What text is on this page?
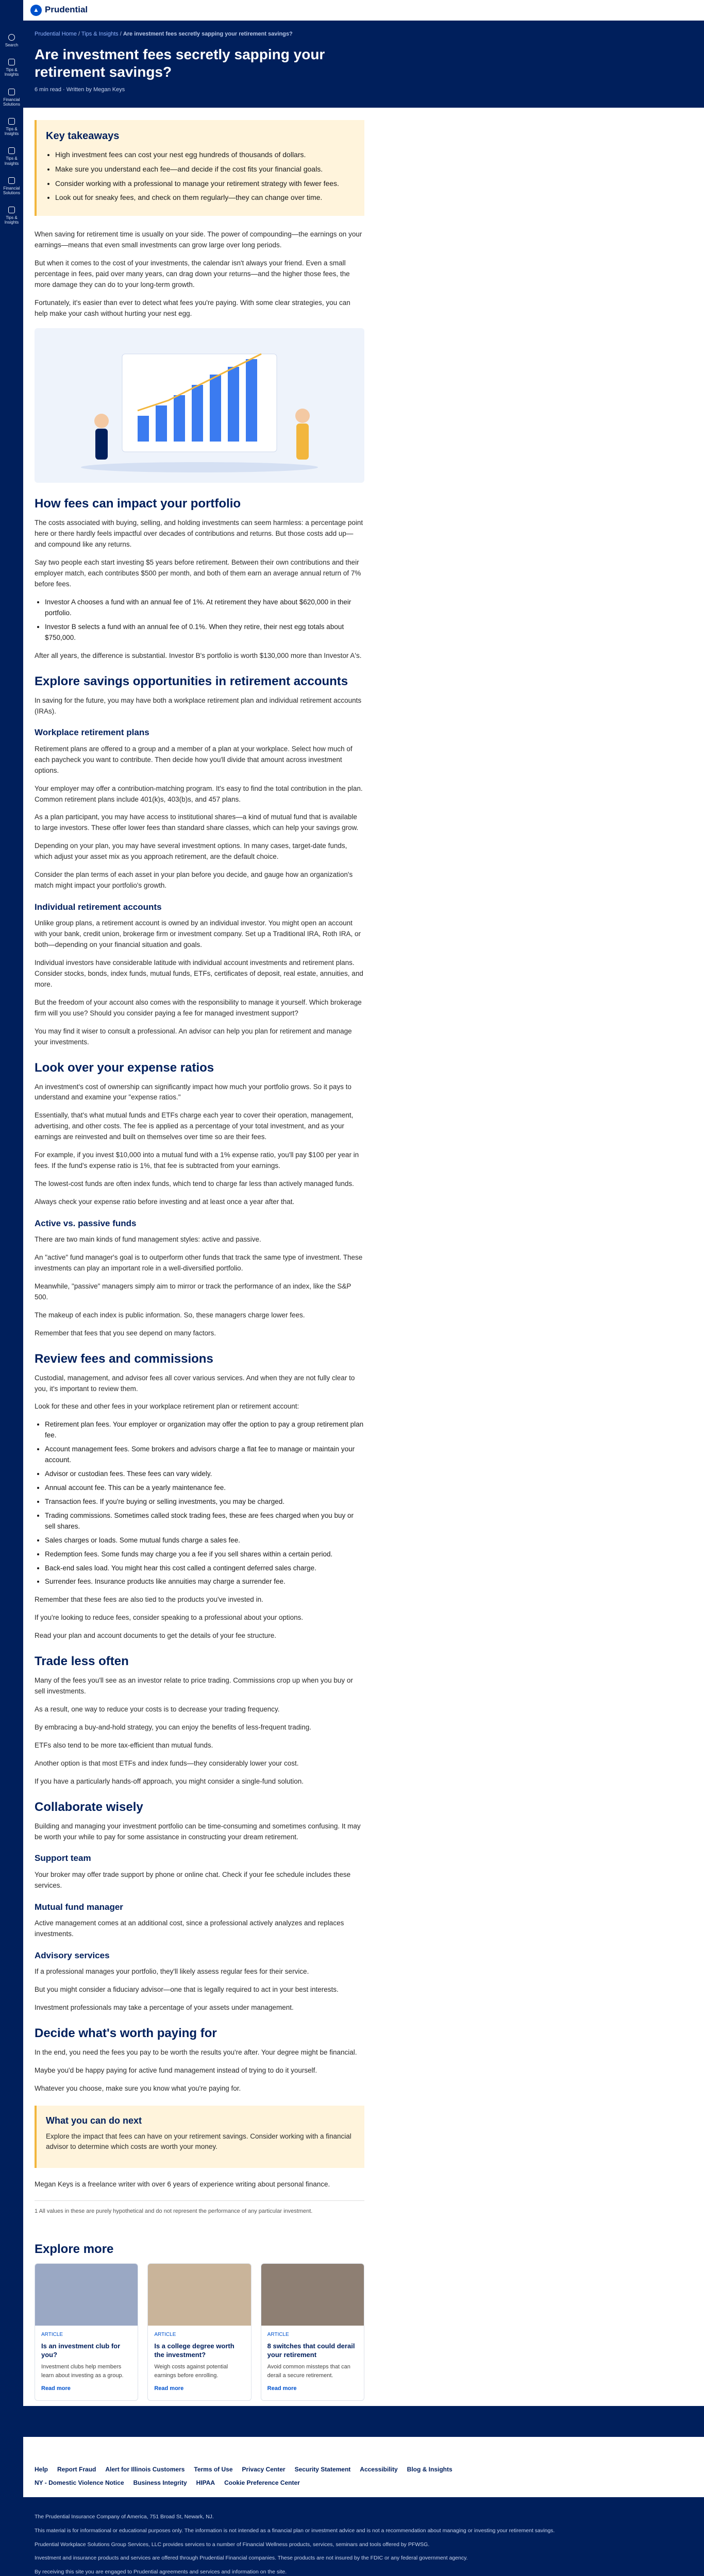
Search
Tips & Insights
Financial Solutions
Tips & Insights
Tips & Insights
Financial Solutions
Tips & Insights
▲ Prudential
Prudential Home / Tips & Insights / Are investment fees secretly sapping your retirement savings?
Are investment fees secretly sapping your retirement savings?
6 min read · Written by Megan Keys
Key takeaways
• High investment fees can cost your nest egg hundreds of thousands of dollars.
• Make sure you understand each fee—and decide if the cost fits your financial goals.
• Consider working with a professional to manage your retirement strategy with fewer fees.
• Look out for sneaky fees, and check on them regularly—they can change over time.

When saving for retirement time is usually on your side. The power of compounding—the earnings on your earnings—means that even small investments can grow large over long periods.

But when it comes to the cost of your investments, the calendar isn't always your friend. Even a small percentage in fees, paid over many years, can drag down your returns—and the higher those fees, the more damage they can do to your long-term growth.

Fortunately, it's easier than ever to detect what fees you're paying. With some clear strategies, you can help make your cash without hurting your nest egg.

How fees can impact your portfolio

The costs associated with buying, selling, and holding investments can seem harmless: a percentage point here or there hardly feels impactful over decades of contributions and returns. But those costs add up—and compound like any returns.

Say two people each start investing $5 years before retirement. Between their own contributions and their employer match, each contributes $500 per month, and both of them earn an average annual return of 7% before fees.

• Investor A chooses a fund with an annual fee of 1%. At retirement they have about $620,000 in their portfolio.
• Investor B selects a fund with an annual fee of 0.1%. When they retire, their nest egg totals about $750,000.

After all years, the difference is substantial. Investor B's portfolio is worth $130,000 more than Investor A's.

Explore savings opportunities in retirement accounts

In saving for the future, you may have both a workplace retirement plan and individual retirement accounts (IRAs).

Workplace retirement plans

Retirement plans are offered to a group and a member of a plan at your workplace. Select how much of each paycheck you want to contribute. Then decide how you'll divide that amount across investment options.

Your employer may offer a contribution-matching program. It's easy to find the total contribution in the plan. Common retirement plans include 401(k)s, 403(b)s, and 457 plans.

As a plan participant, you may have access to institutional shares—a kind of mutual fund that is available to large investors. These offer lower fees than standard share classes, which can help your savings grow.

Depending on your plan, you may have several investment options. In many cases, target-date funds, which adjust your asset mix as you approach retirement, are the default choice.

Consider the plan terms of each asset in your plan before you decide, and gauge how an organization's match might impact your portfolio's growth.

Individual retirement accounts

Unlike group plans, a retirement account is owned by an individual investor. You might open an account with your bank, credit union, brokerage firm or investment company. Set up a Traditional IRA, Roth IRA, or both—depending on your financial situation and goals.

Individual investors have considerable latitude with individual account investments and retirement plans. Consider stocks, bonds, index funds, mutual funds, ETFs, certificates of deposit, real estate, annuities, and more.

But the freedom of your account also comes with the responsibility to manage it yourself. Which brokerage firm will you use? Should you consider paying a fee for managed investment support?

You may find it wiser to consult a professional. An advisor can help you plan for retirement and manage your investments.

Look over your expense ratios

An investment's cost of ownership can significantly impact how much your portfolio grows. So it pays to understand and examine your "expense ratios."

Essentially, that's what mutual funds and ETFs charge each year to cover their operation, management, advertising, and other costs. The fee is applied as a percentage of your total investment, and as your earnings are reinvested and built on themselves over time so are their fees.

For example, if you invest $10,000 into a mutual fund with a 1% expense ratio, you'll pay $100 per year in fees. If the fund's expense ratio is 1%, that fee is subtracted from your earnings.

The lowest-cost funds are often index funds, which tend to charge far less than actively managed funds.

Always check your expense ratio before investing and at least once a year after that.

Active vs. passive funds

There are two main kinds of fund management styles: active and passive.

An "active" fund manager's goal is to outperform other funds that track the same type of investment. These investments can play an important role in a well-diversified portfolio.

Meanwhile, "passive" managers simply aim to mirror or track the performance of an index, like the S&P 500.

The makeup of each index is public information. So, these managers charge lower fees.

Remember that fees that you see depend on many factors.

Review fees and commissions

Custodial, management, and advisor fees all cover various services. And when they are not fully clear to you, it's important to review them.

Look for these and other fees in your workplace retirement plan or retirement account:

• Retirement plan fees. Your employer or organization may offer the option to pay a group retirement plan fee.
• Account management fees. Some brokers and advisors charge a flat fee to manage or maintain your account.
• Advisor or custodian fees. These fees can vary widely.
• Annual account fee. This can be a yearly maintenance fee.
• Transaction fees. If you're buying or selling investments, you may be charged.
• Trading commissions. Sometimes called stock trading fees, these are fees charged when you buy or sell shares.
• Sales charges or loads. Some mutual funds charge a sales fee.
• Redemption fees. Some funds may charge you a fee if you sell shares within a certain period.
• Back-end sales load. You might hear this cost called a contingent deferred sales charge.
• Surrender fees. Insurance products like annuities may charge a surrender fee.

Remember that these fees are also tied to the products you've invested in.

If you're looking to reduce fees, consider speaking to a professional about your options.

Read your plan and account documents to get the details of your fee structure.

Trade less often

Many of the fees you'll see as an investor relate to price trading. Commissions crop up when you buy or sell investments.

As a result, one way to reduce your costs is to decrease your trading frequency.

By embracing a buy-and-hold strategy, you can enjoy the benefits of less-frequent trading.

ETFs also tend to be more tax-efficient than mutual funds.

Another option is that most ETFs and index funds—they considerably lower your cost.

If you have a particularly hands-off approach, you might consider a single-fund solution.

Collaborate wisely

Building and managing your investment portfolio can be time-consuming and sometimes confusing. It may be worth your while to pay for some assistance in constructing your dream retirement.

Support team

Your broker may offer trade support by phone or online chat. Check if your fee schedule includes these services.

Mutual fund manager

Active management comes at an additional cost, since a professional actively analyzes and replaces investments.

Advisory services

If a professional manages your portfolio, they'll likely assess regular fees for their service.

But you might consider a fiduciary advisor—one that is legally required to act in your best interests.

Investment professionals may take a percentage of your assets under management.

Decide what's worth paying for

In the end, you need the fees you pay to be worth the results you're after. Your degree might be financial.

Maybe you'd be happy paying for active fund management instead of trying to do it yourself.

Whatever you choose, make sure you know what you're paying for.

What you can do next

Explore the impact that fees can have on your retirement savings. Consider working with a financial advisor to determine which costs are worth your money.

Megan Keys is a freelance writer with over 6 years of experience writing about personal finance.

1 All values in these are purely hypothetical and do not represent the performance of any particular investment.
Explore more
ARTICLE
Is an investment club for you?

Investment clubs help members learn about investing as a group.

Read more
ARTICLE
Is a college degree worth the investment?

Weigh costs against potential earnings before enrolling.

Read more
ARTICLE
8 switches that could derail your retirement

Avoid common missteps that can derail a secure retirement.

Read more
Help Report Fraud Alert for Illinois Customers Terms of Use Privacy Center Security Statement Accessibility Blog & Insights
NY - Domestic Violence Notice Business Integrity HIPAA Cookie Preference Center

The Prudential Insurance Company of America, 751 Broad St, Newark, NJ.

This material is for informational or educational purposes only. The information is not intended as a financial plan or investment advice and is not a recommendation about managing or investing your retirement savings.

Prudential Workplace Solutions Group Services, LLC provides services to a number of Financial Wellness products, services, seminars and tools offered by PFWSG.

Investment and insurance products and services are offered through Prudential Financial companies. These products are not insured by the FDIC or any federal government agency.

By receiving this site you are engaged to Prudential agreements and services and information on the site.
